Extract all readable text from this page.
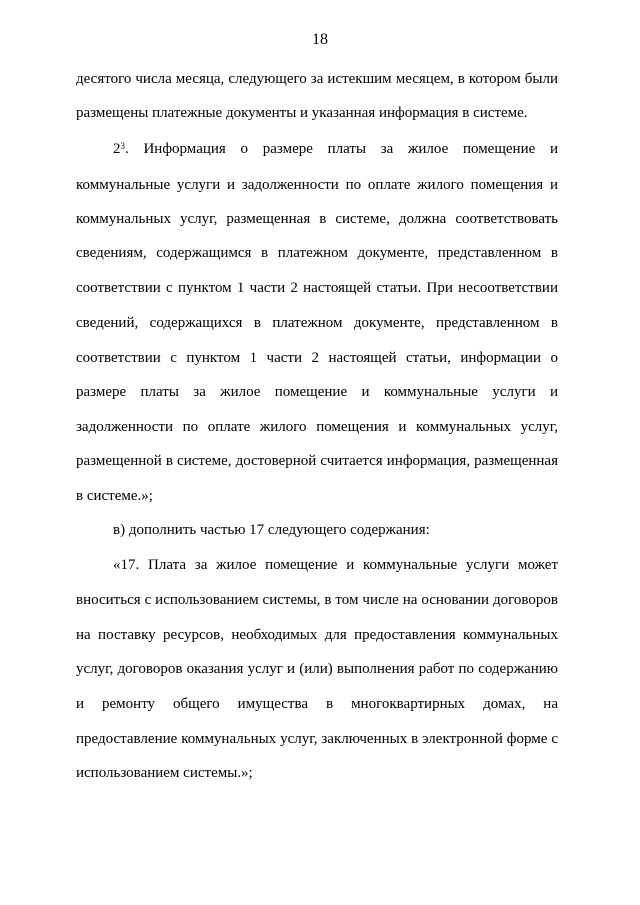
18
десятого числа месяца, следующего за истекшим месяцем, в котором были
размещены платежные документы и указанная информация в системе.
$2^3$. Информация о размере платы за жилое помещение и
коммунальные услуги и задолженности по оплате жилого помещения и
коммунальных услуг, размещенная в системе, должна соответствовать
сведениям, содержащимся в платежном документе, представленном в
соответствии с пунктом 1 части 2 настоящей статьи. При несоответствии
сведений, содержащихся в платежном документе, представленном в
соответствии с пунктом 1 части 2 настоящей статьи, информации о
размере платы за жилое помещение и коммунальные услуги и
задолженности по оплате жилого помещения и коммунальных услуг,
размещенной в системе, достоверной считается информация, размещенная
в системе.»;
в) дополнить частью 17 следующего содержания:
«17. Плата за жилое помещение и коммунальные услуги может
вноситься с использованием системы, в том числе на основании договоров
на поставку ресурсов, необходимых для предоставления коммунальных
услуг, договоров оказания услуг и (или) выполнения работ по содержанию
и ремонту общего имущества в многоквартирных домах, на
предоставление коммунальных услуг, заключенных в электронной форме с
использованием системы.»;
